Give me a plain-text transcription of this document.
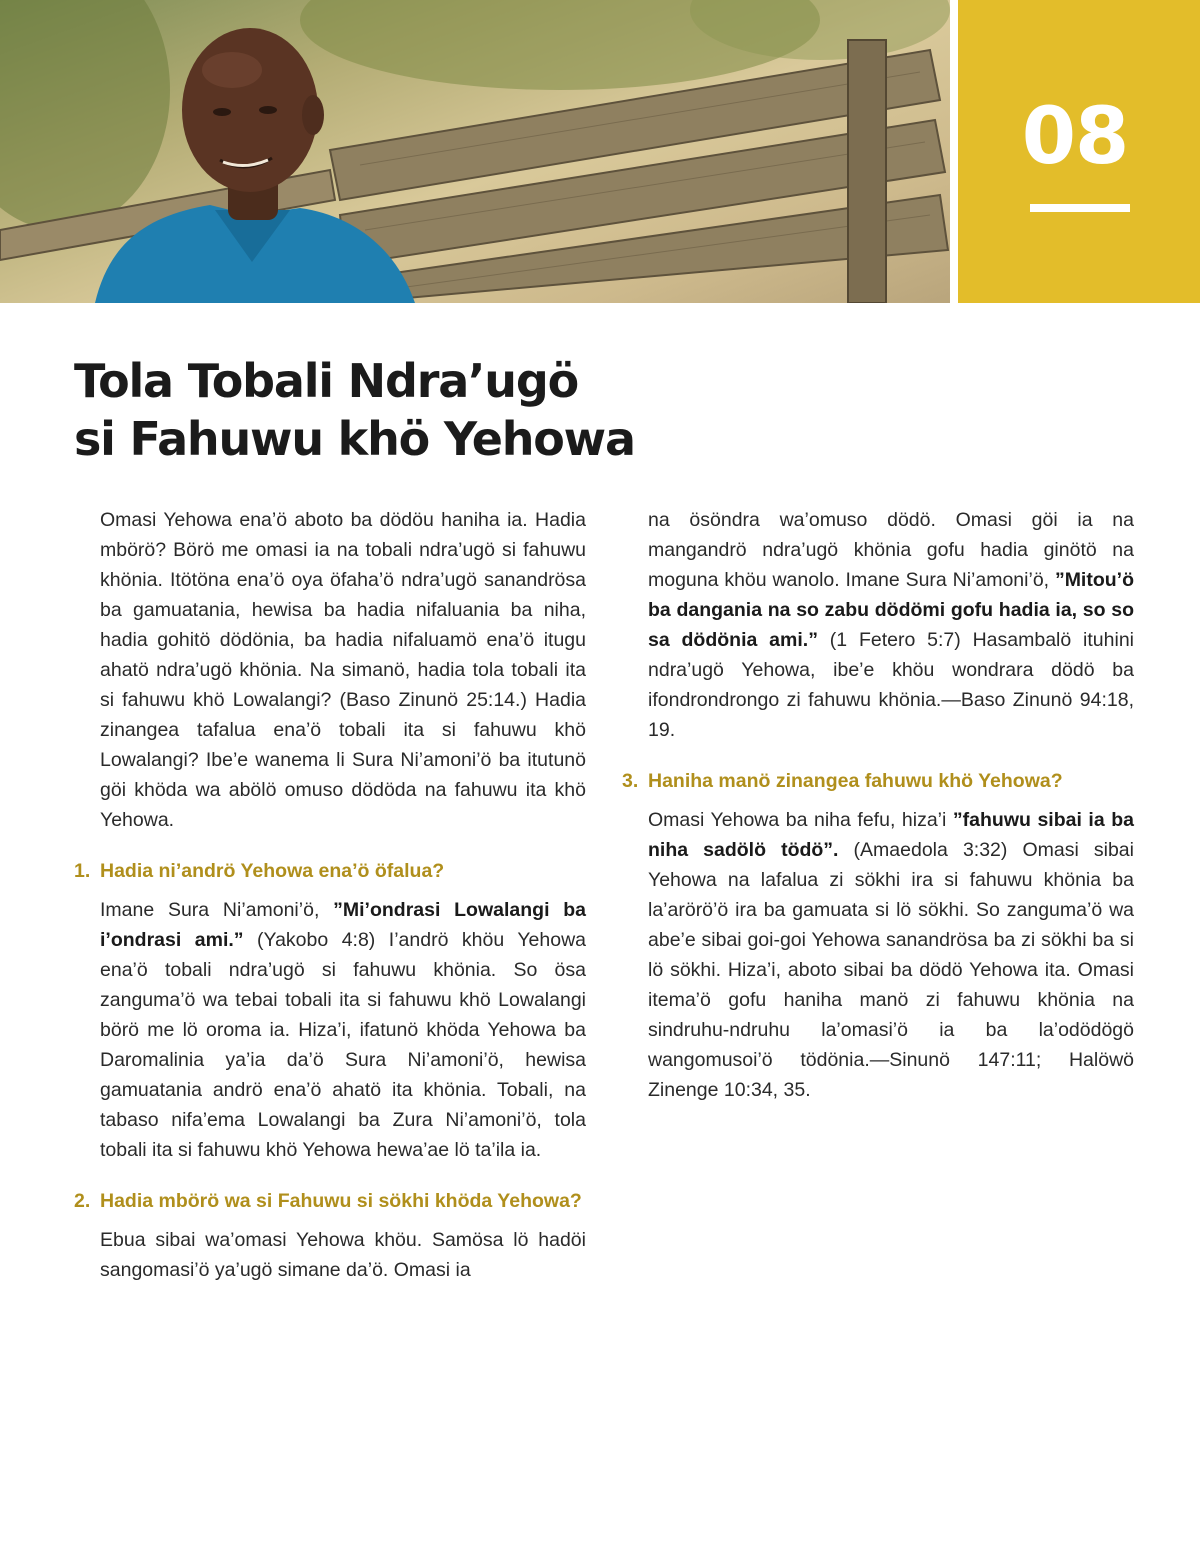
08
Tola Tobali Ndra’ugö
si Fahuwu khö Yehowa

Omasi Yehowa ena’ö aboto ba dödöu haniha ia. Hadia mbörö? Börö me omasi ia na tobali ndra’ugö si fahuwu khönia. Itötöna ena’ö oya öfaha’ö ndra’ugö sanandrösa ba gamuatania, hewisa ba hadia nifaluania ba niha, hadia gohitö dödönia, ba hadia nifaluamö ena’ö itugu ahatö ndra’ugö khönia. Na simanö, hadia tola tobali ita si fahuwu khö Lowalangi? (Baso Zinunö 25:14.) Hadia zinangea tafalua ena’ö tobali ita si fahuwu khö Lowalangi? Ibe’e wanema li Sura Ni’amoni’ö ba itutunö göi khöda wa abölö omuso dödöda na fahuwu ita khö Yehowa.

1. Hadia ni’andrö Yehowa ena’ö öfalua?

Imane Sura Ni’amoni’ö, ”Mi’ondrasi Lowalangi ba i’ondrasi ami.” (Yakobo 4:8) I’andrö khöu Yehowa ena’ö tobali ndra’ugö si fahuwu khönia. So ösa zanguma’ö wa tebai tobali ita si fahuwu khö Lowalangi börö me lö oroma ia. Hiza’i, ifatunö khöda Yehowa ba Daromalinia ya’ia da’ö Sura Ni’amoni’ö, hewisa gamuatania andrö ena’ö ahatö ita khönia. Tobali, na tabaso nifa’ema Lowalangi ba Zura Ni’amoni’ö, tola tobali ita si fahuwu khö Yehowa hewa’ae lö ta’ila ia.

2. Hadia mbörö wa si Fahuwu si sökhi khöda Yehowa?

Ebua sibai wa’omasi Yehowa khöu. Samösa lö hadöi sangomasi’ö ya’ugö simane da’ö. Omasi ia

na ösöndra wa’omuso dödö. Omasi göi ia na mangandrö ndra’ugö khönia gofu hadia ginötö na moguna khöu wanolo. Imane Sura Ni’amoni’ö, ”Mitou’ö ba dangania na so zabu dödömi gofu hadia ia, so so sa dödönia ami.” (1 Fetero 5:7) Hasambalö ituhini ndra’ugö Yehowa, ibe’e khöu wondrara dödö ba ifondrondrongo zi fahuwu khönia.—Baso Zinunö 94:18, 19.

3. Haniha manö zinangea fahuwu khö Yehowa?

Omasi Yehowa ba niha fefu, hiza’i ”fahuwu sibai ia ba niha sadölö tödö”. (Amaedola 3:32) Omasi sibai Yehowa na lafalua zi sökhi ira si fahuwu khönia ba la’arörö’ö ira ba gamuata si lö sökhi. So zanguma’ö wa abe’e sibai goi-goi Yehowa sanandrösa ba zi sökhi ba si lö sökhi. Hiza’i, aboto sibai ba dödö Yehowa ita. Omasi itema’ö gofu haniha manö zi fahuwu khönia na sindruhu-ndruhu la’omasi’ö ia ba la’odödögö wangomusoi’ö tödönia.—Sinunö 147:11; Halöwö Zinenge 10:34, 35.
